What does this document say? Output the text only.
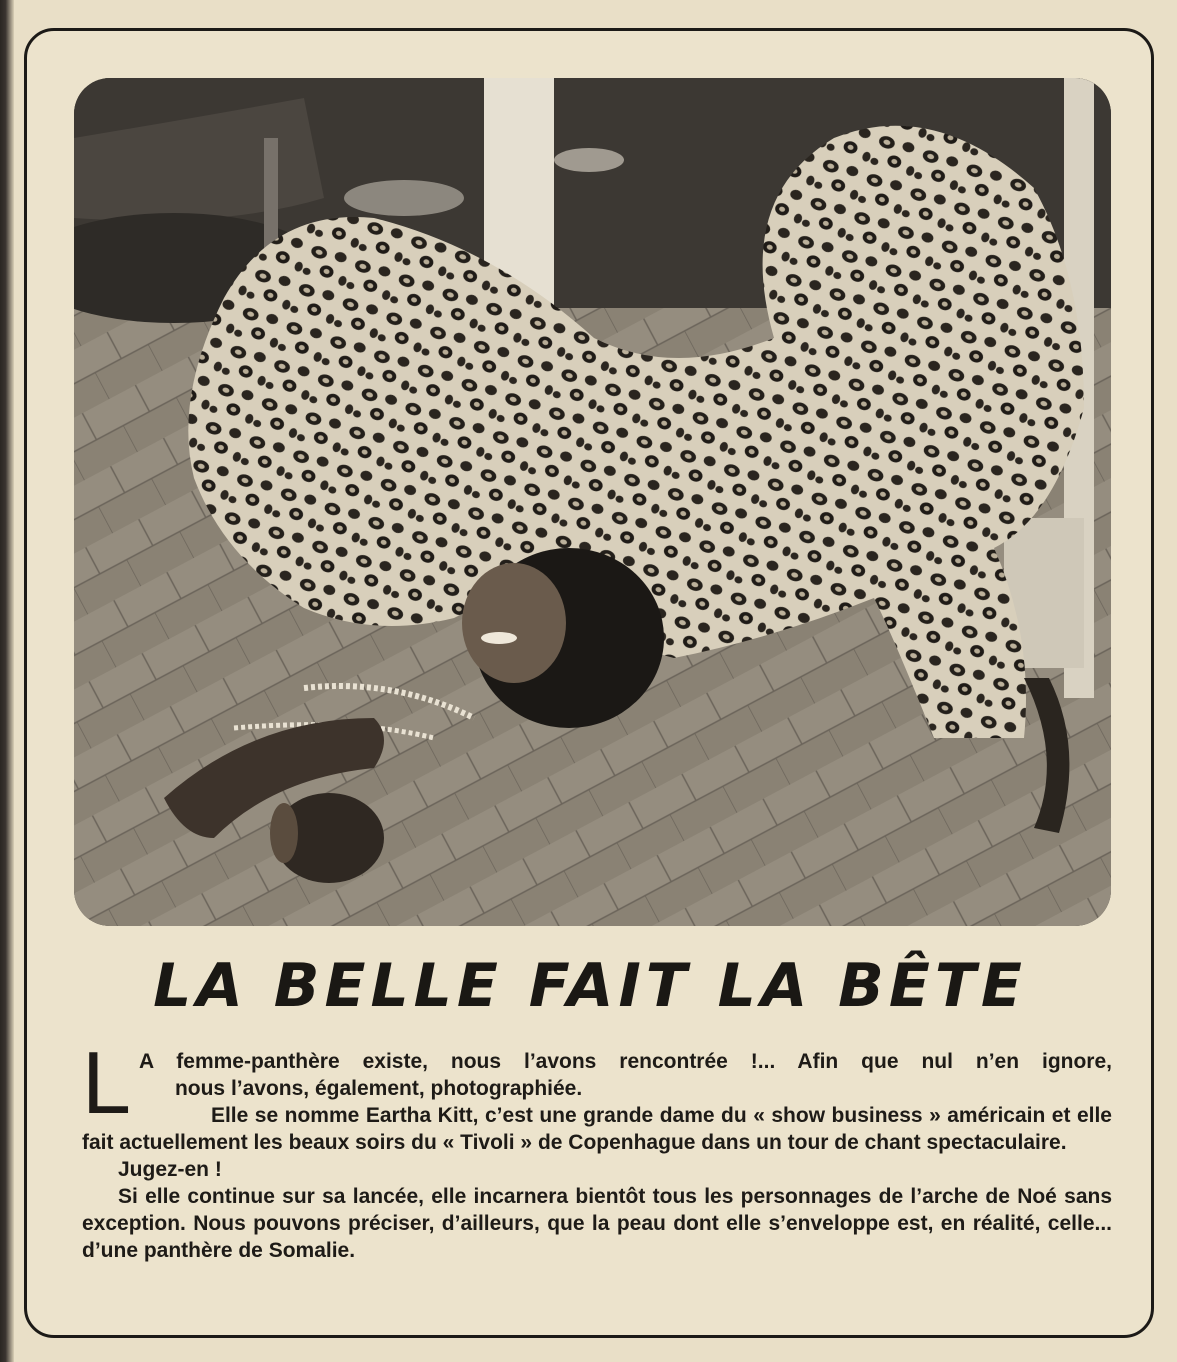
LA BELLE FAIT LA BÊTE
L A femme-panthère existe, nous l’avons rencontrée !... Afin que nul n’en ignore,

nous l’avons, également, photographiée.

Elle se nomme Eartha Kitt, c’est une grande dame du « show business » américain et elle fait actuellement les beaux soirs du « Tivoli » de Copenhague dans un tour de chant spectaculaire.

Jugez-en !

Si elle continue sur sa lancée, elle incarnera bientôt tous les personnages de l’arche de Noé sans exception. Nous pouvons préciser, d’ailleurs, que la peau dont elle s’enveloppe est, en réalité, celle... d’une panthère de Somalie.
